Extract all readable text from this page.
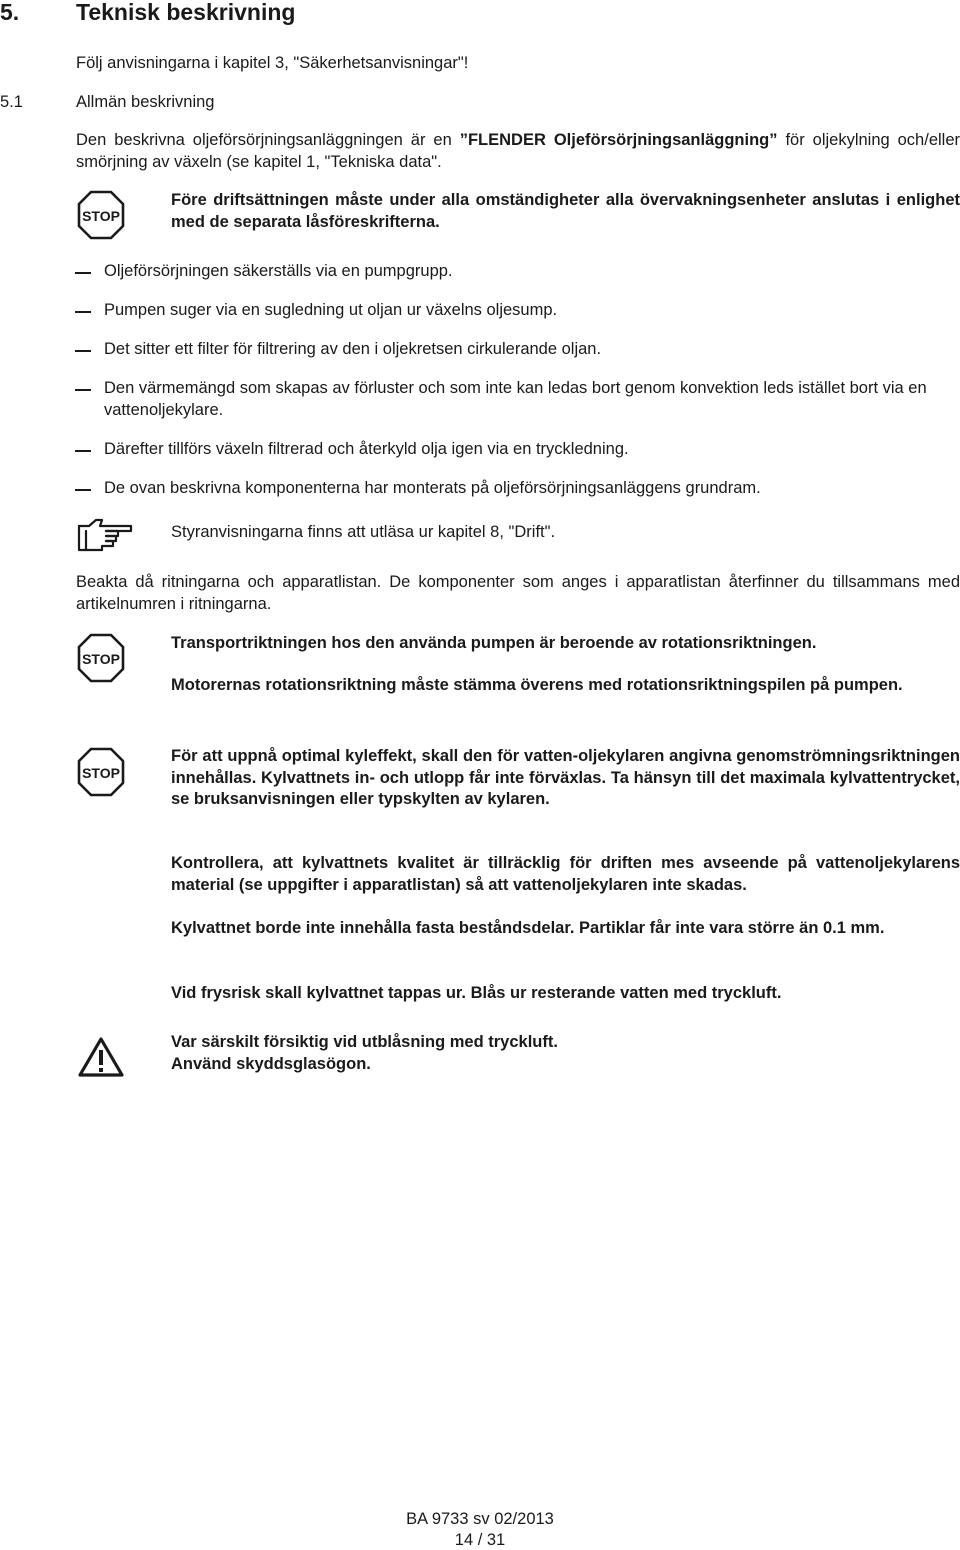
5. Teknisk beskrivning
Följ anvisningarna i kapitel 3, "Säkerhetsanvisningar"!
5.1	Allmän beskrivning
Den beskrivna oljeförsörjningsanläggningen är en ”FLENDER Oljeförsörjningsanläggning” för oljekylning och/eller smörjning av växeln (se kapitel 1, "Tekniska data".
STOP
Före driftsättningen måste under alla omständigheter alla övervakningsenheter anslutas i enlighet med de separata låsföreskrifterna.
Oljeförsörjningen säkerställs via en pumpgrupp.
Pumpen suger via en sugledning ut oljan ur växelns oljesump.
Det sitter ett filter för filtrering av den i oljekretsen cirkulerande oljan.
Den värmemängd som skapas av förluster och som inte kan ledas bort genom konvektion leds istället bort via en vattenoljekylare.
Därefter tillförs växeln filtrerad och återkyld olja igen via en tryckledning.
De ovan beskrivna komponenterna har monterats på oljeförsörjningsanläggens grundram.
Styranvisningarna finns att utläsa ur kapitel 8, "Drift".
Beakta då ritningarna och apparatlistan. De komponenter som anges i apparatlistan återfinner du tillsammans med artikelnumren i ritningarna.
STOP
Transportriktningen hos den använda pumpen är beroende av rotationsriktningen.
Motorernas rotationsriktning måste stämma överens med rotationsriktningspilen på pumpen.
STOP
För att uppnå optimal kyleffekt, skall den för vatten-oljekylaren angivna genomströmningsriktningen innehållas. Kylvattnets in- och utlopp får inte förväxlas. Ta hänsyn till det maximala kylvattentrycket, se bruksanvisningen eller typskylten av kylaren.
Kontrollera, att kylvattnets kvalitet är tillräcklig för driften mes avseende på vattenoljekylarens material (se uppgifter i apparatlistan) så att vattenoljekylaren inte skadas.
Kylvattnet borde inte innehålla fasta beståndsdelar. Partiklar får inte vara större än 0.1 mm.
Vid frysrisk skall kylvattnet tappas ur. Blås ur resterande vatten med tryckluft.
Var särskilt försiktig vid utblåsning med tryckluft.
Använd skyddsglasögon.
BA 9733 sv 02/2013
14 / 31
